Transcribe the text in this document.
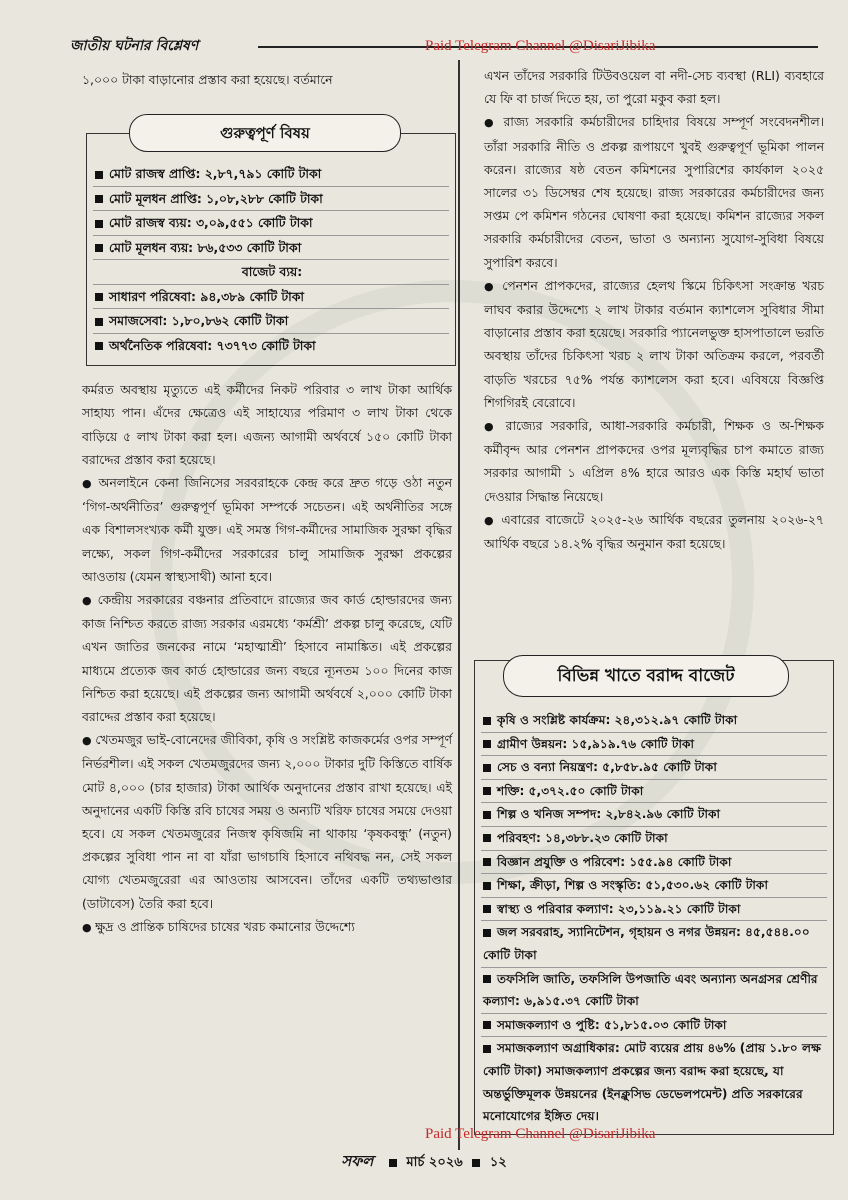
জাতীয় ঘটনার বিশ্লেষণ	Paid Telegram Channel @DisariJibika

১,০০০ টাকা বাড়ানোর প্রস্তাব করা হয়েছে। বর্তমানে

গুরুত্বপূর্ণ বিষয়
মোট রাজস্ব প্রাপ্তি: ২,৮৭,৭৯১ কোটি টাকা
মোট মূলধন প্রাপ্তি: ১,০৮,২৮৮ কোটি টাকা
মোট রাজস্ব ব্যয়: ৩,০৯,৫৫১ কোটি টাকা
মোট মূলধন ব্যয়: ৮৬,৫৩৩ কোটি টাকা
বাজেট ব্যয়:
সাধারণ পরিষেবা: ৯৪,৩৮৯ কোটি টাকা
সমাজসেবা: ১,৮০,৮৬২ কোটি টাকা
অর্থনৈতিক পরিষেবা: ৭৩৭৭৩ কোটি টাকা

কর্মরত অবস্থায় মৃত্যুতে এই কর্মীদের নিকট পরিবার ৩ লাখ টাকা আর্থিক সাহায্য পান। এঁদের ক্ষেত্রেও এই সাহায্যের পরিমাণ ৩ লাখ টাকা থেকে বাড়িয়ে ৫ লাখ টাকা করা হল। এজন্য আগামী অর্থবর্ষে ১৫০ কোটি টাকা বরাদ্দের প্রস্তাব করা হয়েছে।

● অনলাইনে কেনা জিনিসের সরবরাহকে কেন্দ্র করে দ্রুত গড়ে ওঠা নতুন ‘গিগ-অর্থনীতির’ গুরুত্বপূর্ণ ভূমিকা সম্পর্কে সচেতন। এই অর্থনীতির সঙ্গে এক বিশালসংখ্যক কর্মী যুক্ত। এই সমস্ত গিগ-কর্মীদের সামাজিক সুরক্ষা বৃদ্ধির লক্ষ্যে, সকল গিগ-কর্মীদের সরকারের চালু সামাজিক সুরক্ষা প্রকল্পের আওতায় (যেমন স্বাস্থ্যসাথী) আনা হবে।

● কেন্দ্রীয় সরকারের বঞ্চনার প্রতিবাদে রাজ্যের জব কার্ড হোল্ডারদের জন্য কাজ নিশ্চিত করতে রাজ্য সরকার এরমধ্যে ‘কর্মশ্রী’ প্রকল্প চালু করেছে, যেটি এখন জাতির জনকের নামে ‘মহাত্মাশ্রী’ হিসাবে নামাঙ্কিত। এই প্রকল্পের মাধ্যমে প্রত্যেক জব কার্ড হোল্ডারের জন্য বছরে ন্যূনতম ১০০ দিনের কাজ নিশ্চিত করা হয়েছে। এই প্রকল্পের জন্য আগামী অর্থবর্ষে ২,০০০ কোটি টাকা বরাদ্দের প্রস্তাব করা হয়েছে।

● খেতমজুর ভাই-বোনেদের জীবিকা, কৃষি ও সংশ্লিষ্ট কাজকর্মের ওপর সম্পূর্ণ নির্ভরশীল। এই সকল খেতমজুরদের জন্য ২,০০০ টাকার দুটি কিস্তিতে বার্ষিক মোট ৪,০০০ (চার হাজার) টাকা আর্থিক অনুদানের প্রস্তাব রাখা হয়েছে। এই অনুদানের একটি কিস্তি রবি চাষের সময় ও অন্যটি খরিফ চাষের সময়ে দেওয়া হবে। যে সকল খেতমজুরের নিজস্ব কৃষিজমি না থাকায় ‘কৃষকবন্ধু’ (নতুন) প্রকল্পের সুবিধা পান না বা যাঁরা ভাগচাষি হিসাবে নথিবদ্ধ নন, সেই সকল যোগ্য খেতমজুরেরা এর আওতায় আসবেন। তাঁদের একটি তথ্যভাণ্ডার (ডাটাবেস) তৈরি করা হবে।

● ক্ষুদ্র ও প্রান্তিক চাষিদের চাষের খরচ কমানোর উদ্দেশ্যে

এখন তাঁদের সরকারি টিউবওয়েল বা নদী-সেচ ব্যবস্থা (RLI) ব্যবহারে যে ফি বা চার্জ দিতে হয়, তা পুরো মকুব করা হল।

● রাজ্য সরকারি কর্মচারীদের চাহিদার বিষয়ে সম্পূর্ণ সংবেদনশীল। তাঁরা সরকারি নীতি ও প্রকল্প রূপায়ণে খুবই গুরুত্বপূর্ণ ভূমিকা পালন করেন। রাজ্যের ষষ্ঠ বেতন কমিশনের সুপারিশের কার্যকাল ২০২৫ সালের ৩১ ডিসেম্বর শেষ হয়েছে। রাজ্য সরকারের কর্মচারীদের জন্য সপ্তম পে কমিশন গঠনের ঘোষণা করা হয়েছে। কমিশন রাজ্যের সকল সরকারি কর্মচারীদের বেতন, ভাতা ও অন্যান্য সুযোগ-সুবিধা বিষয়ে সুপারিশ করবে।

● পেনশন প্রাপকদের, রাজ্যের হেলথ স্কিমে চিকিৎসা সংক্রান্ত খরচ লাঘব করার উদ্দেশ্যে ২ লাখ টাকার বর্তমান ক্যাশলেস সুবিধার সীমা বাড়ানোর প্রস্তাব করা হয়েছে। সরকারি প্যানেলভুক্ত হাসপাতালে ভরতি অবস্থায় তাঁদের চিকিৎসা খরচ ২ লাখ টাকা অতিক্রম করলে, পরবর্তী বাড়তি খরচের ৭৫% পর্যন্ত ক্যাশলেস করা হবে। এবিষয়ে বিজ্ঞপ্তি শিগগিরই বেরোবে।

● রাজ্যের সরকারি, আধা-সরকারি কর্মচারী, শিক্ষক ও অ-শিক্ষক কর্মীবৃন্দ আর পেনশন প্রাপকদের ওপর মূল্যবৃদ্ধির চাপ কমাতে রাজ্য সরকার আগামী ১ এপ্রিল ৪% হারে আরও এক কিস্তি মহার্ঘ ভাতা দেওয়ার সিদ্ধান্ত নিয়েছে।

● এবারের বাজেটে ২০২৫-২৬ আর্থিক বছরের তুলনায় ২০২৬-২৭ আর্থিক বছরে ১৪.২% বৃদ্ধির অনুমান করা হয়েছে।

বিভিন্ন খাতে বরাদ্দ বাজেট
কৃষি ও সংশ্লিষ্ট কার্যক্রম: ২৪,৩১২.৯৭ কোটি টাকা
গ্রামীণ উন্নয়ন: ১৫,৯১৯.৭৬ কোটি টাকা
সেচ ও বন্যা নিয়ন্ত্রণ: ৫,৮৫৮.৯৫ কোটি টাকা
শক্তি: ৫,৩৭২.৫০ কোটি টাকা
শিল্প ও খনিজ সম্পদ: ২,৮৪২.৯৬ কোটি টাকা
পরিবহণ: ১৪,৩৮৮.২৩ কোটি টাকা
বিজ্ঞান প্রযুক্তি ও পরিবেশ: ১৫৫.৯৪ কোটি টাকা
শিক্ষা, ক্রীড়া, শিল্প ও সংস্কৃতি: ৫১,৫৩০.৬২ কোটি টাকা
স্বাস্থ্য ও পরিবার কল্যাণ: ২৩,১১৯.২১ কোটি টাকা
জল সরবরাহ, স্যানিটেশন, গৃহায়ন ও নগর উন্নয়ন: ৪৫,৫৪৪.০০ কোটি টাকা
তফসিলি জাতি, তফসিলি উপজাতি এবং অন্যান্য অনগ্রসর শ্রেণীর কল্যাণ: ৬,৯১৫.৩৭ কোটি টাকা
সমাজকল্যাণ ও পুষ্টি: ৫১,৮১৫.০৩ কোটি টাকা
সমাজকল্যাণ অগ্রাধিকার: মোট ব্যয়ের প্রায় ৪৬% (প্রায় ১.৮০ লক্ষ কোটি টাকা) সমাজকল্যাণ প্রকল্পের জন্য বরাদ্দ করা হয়েছে, যা অন্তর্ভুক্তিমূলক উন্নয়নের (ইনক্লুসিভ ডেভেলপমেন্ট) প্রতি সরকারের মনোযোগের ইঙ্গিত দেয়।
Paid Telegram Channel @DisariJibika
সফল	মার্চ ২০২৬ ১২
